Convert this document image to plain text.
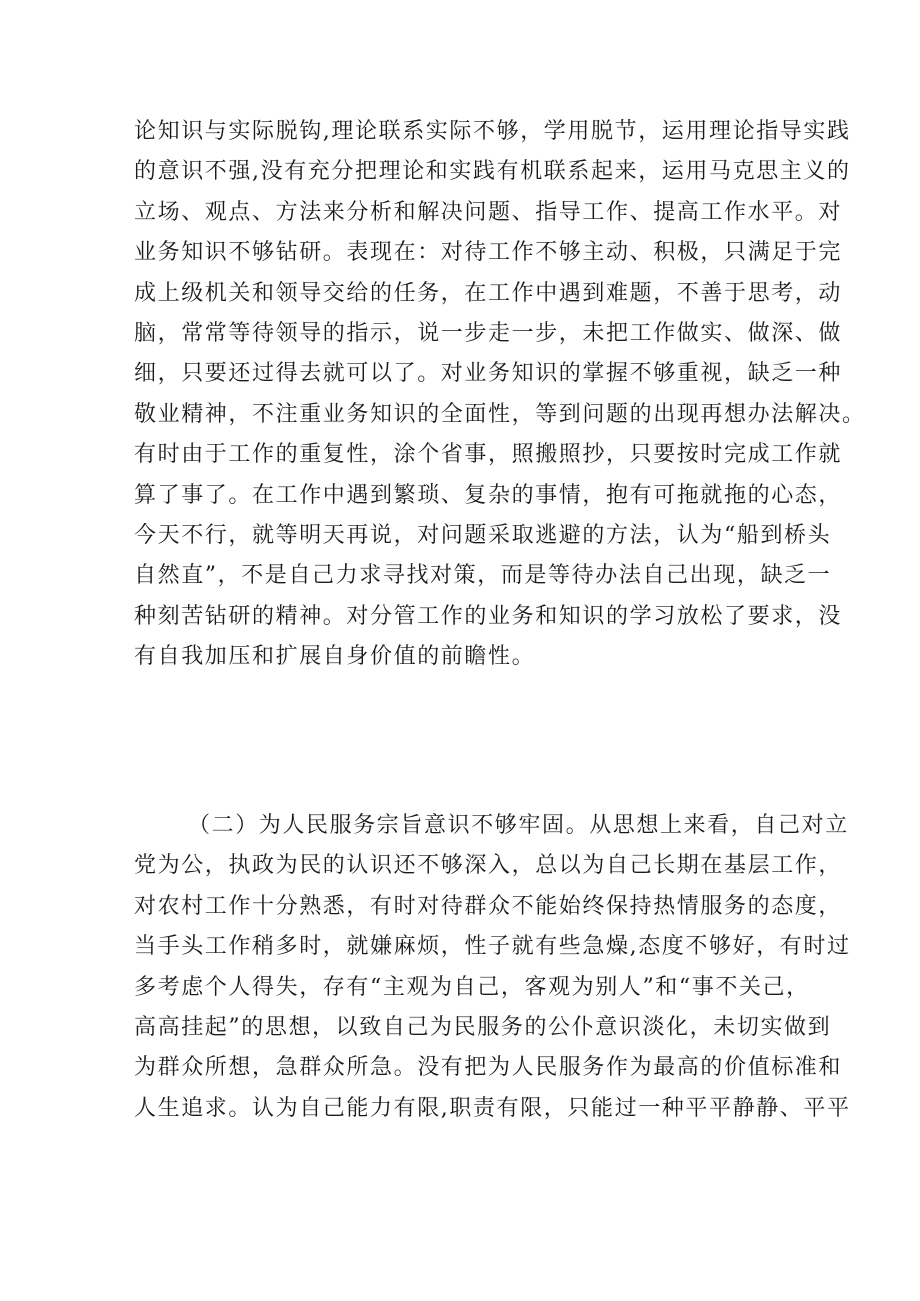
论知识与实际脱钩,理论联系实际不够，学用脱节，运用理论指导实践
的意识不强,没有充分把理论和实践有机联系起来，运用马克思主义的
立场、观点、方法来分析和解决问题、指导工作、提高工作水平。对
业务知识不够钻研。表现在：对待工作不够主动、积极，只满足于完
成上级机关和领导交给的任务，在工作中遇到难题，不善于思考，动
脑，常常等待领导的指示，说一步走一步，未把工作做实、做深、做
细，只要还过得去就可以了。对业务知识的掌握不够重视，缺乏一种
敬业精神，不注重业务知识的全面性，等到问题的出现再想办法解决。
有时由于工作的重复性，涂个省事，照搬照抄，只要按时完成工作就
算了事了。在工作中遇到繁琐、复杂的事情，抱有可拖就拖的心态，
今天不行，就等明天再说，对问题采取逃避的方法，认为“船到桥头
自然直”，不是自己力求寻找对策，而是等待办法自己出现，缺乏一
种刻苦钻研的精神。对分管工作的业务和知识的学习放松了要求，没
有自我加压和扩展自身价值的前瞻性。
（二）为人民服务宗旨意识不够牢固。从思想上来看，自己对立
党为公，执政为民的认识还不够深入，总以为自己长期在基层工作，
对农村工作十分熟悉，有时对待群众不能始终保持热情服务的态度，
当手头工作稍多时，就嫌麻烦，性子就有些急燥,态度不够好，有时过
多考虑个人得失，存有“主观为自己，客观为别人”和“事不关己，
高高挂起”的思想，以致自己为民服务的公仆意识淡化，未切实做到
为群众所想，急群众所急。没有把为人民服务作为最高的价值标准和
人生追求。认为自己能力有限,职责有限，只能过一种平平静静、平平
